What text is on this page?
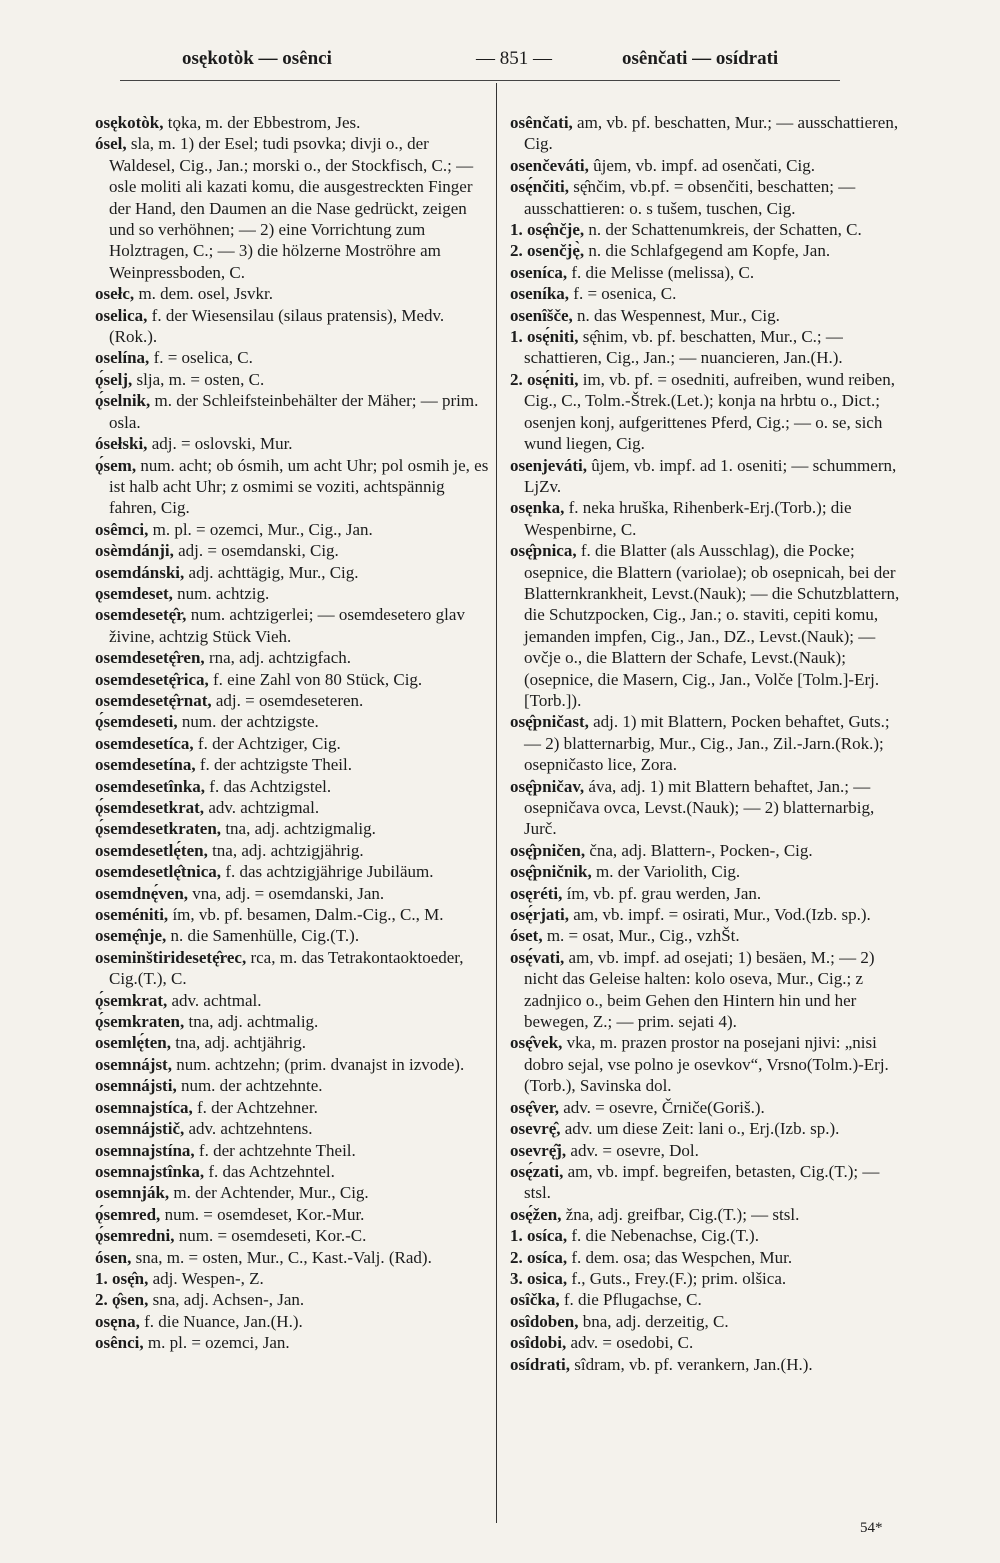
osękotòk — osênci	— 851 —	osênčati — osídrati

osękotòk, tǫka, m. der Ebbestrom, Jes.

ósel, sla, m. 1) der Esel; tudi psovka; divji o., der Waldesel, Cig., Jan.; morski o., der Stockfisch, C.; — osle moliti ali kazati komu, die ausgestreckten Finger der Hand, den Daumen an die Nase gedrückt, zeigen und so verhöhnen; — 2) eine Vorrichtung zum Holztragen, C.; — 3) die hölzerne Moströhre am Weinpressboden, C.

osełc, m. dem. osel, Jsvkr.

oselica, f. der Wiesensilau (silaus pratensis), Medv.(Rok.).

oselína, f. = oselica, C.

ǫ́selj, slja, m. = osten, C.

ǫ́selnik, m. der Schleifsteinbehälter der Mäher; — prim. osla.

ósełski, adj. = oslovski, Mur.

ǫ́sem, num. acht; ob ósmih, um acht Uhr; pol osmih je, es ist halb acht Uhr; z osmimi se voziti, achtspännig fahren, Cig.

osêmci, m. pl. = ozemci, Mur., Cig., Jan.

osèmdánji, adj. = osemdanski, Cig.

osemdánski, adj. achttägig, Mur., Cig.

ǫsemdeset, num. achtzig.

osemdesetę̂r, num. achtzigerlei; — osemdesetero glav živine, achtzig Stück Vieh.

osemdesetę̂ren, rna, adj. achtzigfach.

osemdesetę̂rica, f. eine Zahl von 80 Stück, Cig.

osemdesetę̂rnat, adj. = osemdeseteren.

ǫ́semdeseti, num. der achtzigste.

osemdesetíca, f. der Achtziger, Cig.

osemdesetína, f. der achtzigste Theil.

osemdesetînka, f. das Achtzigstel.

ǫ́semdesetkrat, adv. achtzigmal.

ǫ́semdesetkraten, tna, adj. achtzigmalig.

osemdesetlę́ten, tna, adj. achtzigjährig.

osemdesetlę̂tnica, f. das achtzigjährige Jubiläum.

osemdnę́ven, vna, adj. = osemdanski, Jan.

oseméniti, ím, vb. pf. besamen, Dalm.-Cig., C., M.

osemę̂nje, n. die Samenhülle, Cig.(T.).

oseminštiridesetę̂rec, rca, m. das Tetrakontaoktoeder, Cig.(T.), C.

ǫ́semkrat, adv. achtmal.

ǫ́semkraten, tna, adj. achtmalig.

osemlę́ten, tna, adj. achtjährig.

osemnájst, num. achtzehn; (prim. dvanajst in izvode).

osemnájsti, num. der achtzehnte.

osemnajstíca, f. der Achtzehner.

osemnájstič, adv. achtzehntens.

osemnajstína, f. der achtzehnte Theil.

osemnajstînka, f. das Achtzehntel.

osemnják, m. der Achtender, Mur., Cig.

ǫ́semred, num. = osemdeset, Kor.-Mur.

ǫ́semredni, num. = osemdeseti, Kor.-C.

ósen, sna, m. = osten, Mur., C., Kast.-Valj. (Rad).

1. osę̂n, adj. Wespen-, Z.

2. ǫ̂sen, sna, adj. Achsen-, Jan.

osęna, f. die Nuance, Jan.(H.).

osênci, m. pl. = ozemci, Jan.

osênčati, am, vb. pf. beschatten, Mur.; — ausschattieren, Cig.

osenčeváti, ûjem, vb. impf. ad osenčati, Cig.

osę́nčiti, sę̂nčim, vb.pf. = obsenčiti, beschatten; — ausschattieren: o. s tušem, tuschen, Cig.

1. osę̂nčje, n. der Schattenumkreis, der Schatten, C.

2. osenčję̀, n. die Schlafgegend am Kopfe, Jan.

oseníca, f. die Melisse (melissa), C.

oseníka, f. = osenica, C.

osenîšče, n. das Wespennest, Mur., Cig.

1. osę́niti, sę̂nim, vb. pf. beschatten, Mur., C.; — schattieren, Cig., Jan.; — nuancieren, Jan.(H.).

2. osę́niti, im, vb. pf. = osedniti, aufreiben, wund reiben, Cig., C., Tolm.-Štrek.(Let.); konja na hrbtu o., Dict.; osenjen konj, aufgerittenes Pferd, Cig.; — o. se, sich wund liegen, Cig.

osenjeváti, ûjem, vb. impf. ad 1. oseniti; — schummern, LjZv.

osęnka, f. neka hruška, Rihenberk-Erj.(Torb.); die Wespenbirne, C.

osę̂pnica, f. die Blatter (als Ausschlag), die Pocke; osepnice, die Blattern (variolae); ob osepnicah, bei der Blatternkrankheit, Levst.(Nauk); — die Schutzblattern, die Schutzpocken, Cig., Jan.; o. staviti, cepiti komu, jemanden impfen, Cig., Jan., DZ., Levst.(Nauk); — ovčje o., die Blattern der Schafe, Levst.(Nauk); (osepnice, die Masern, Cig., Jan., Volče [Tolm.]-Erj.[Torb.]).

osę̂pničast, adj. 1) mit Blattern, Pocken behaftet, Guts.; — 2) blatternarbig, Mur., Cig., Jan., Zil.-Jarn.(Rok.); osepničasto lice, Zora.

osę̂pničav, áva, adj. 1) mit Blattern behaftet, Jan.; — osepničava ovca, Levst.(Nauk); — 2) blatternarbig, Jurč.

osę̂pničen, čna, adj. Blattern-, Pocken-, Cig.

osę̂pničnik, m. der Variolith, Cig.

osęréti, ím, vb. pf. grau werden, Jan.

osę́rjati, am, vb. impf. = osirati, Mur., Vod.(Izb. sp.).

óset, m. = osat, Mur., Cig., vzhŠt.

osę́vati, am, vb. impf. ad osejati; 1) besäen, M.; — 2) nicht das Geleise halten: kolo oseva, Mur., Cig.; z zadnjico o., beim Gehen den Hintern hin und her bewegen, Z.; — prim. sejati 4).

osę̂vek, vka, m. prazen prostor na posejani njivi: „nisi dobro sejal, vse polno je osevkov“, Vrsno(Tolm.)-Erj.(Torb.), Savinska dol.

osę̂ver, adv. = osevre, Črniče(Goriš.).

osevrę̂, adv. um diese Zeit: lani o., Erj.(Izb. sp.).

osevrę̂j, adv. = osevre, Dol.

osę́zati, am, vb. impf. begreifen, betasten, Cig.(T.); — stsl.

osę́žen, žna, adj. greifbar, Cig.(T.); — stsl.

1. osíca, f. die Nebenachse, Cig.(T.).

2. osíca, f. dem. osa; das Wespchen, Mur.

3. osica, f., Guts., Frey.(F.); prim. olšica.

osîčka, f. die Pflugachse, C.

osîdoben, bna, adj. derzeitig, C.

osîdobi, adv. = osedobi, C.

osídrati, sîdram, vb. pf. verankern, Jan.(H.).

54*
